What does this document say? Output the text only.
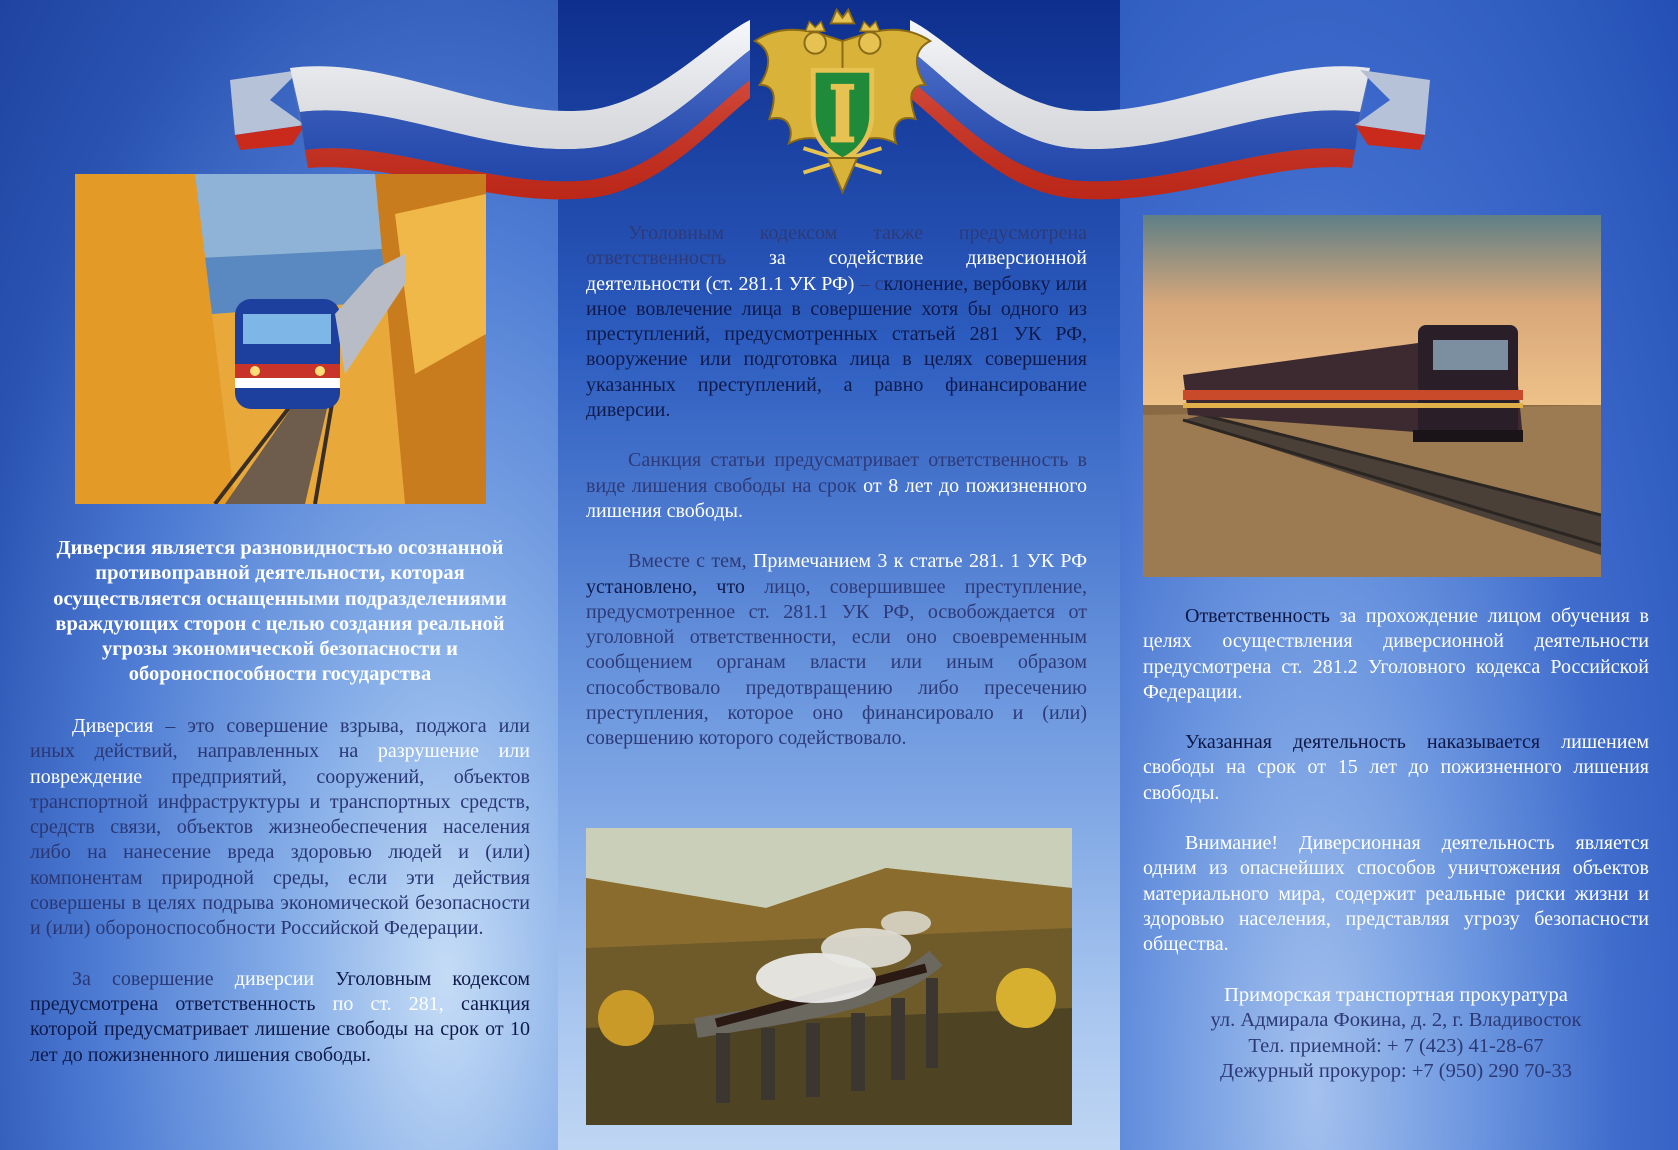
Диверсия является разновидностью осознанной противоправной деятельности, которая осуществляется оснащенными подразделениями враждующих сторон с целью создания реальной угрозы экономической безопасности и обороноспособности государства

Диверсия – это совершение взрыва, поджога или иных действий, направленных на разрушение или повреждение предприятий, сооружений, объектов транспортной инфраструктуры и транспортных средств, средств связи, объектов жизнеобеспечения населения либо на нанесение вреда здоровью людей и (или) компонентам природной среды, если эти действия совершены в целях подрыва экономической безопасности и (или) обороноспособности Российской Федерации.

За совершение диверсии Уголовным кодексом предусмотрена ответственность по ст. 281, санкция которой предусматривает лишение свободы на срок от 10 лет до пожизненного лишения свободы.

Уголовным кодексом также предусмотрена ответственность за содействие диверсионной деятельности (ст. 281.1 УК РФ) – склонение, вербовку или иное вовлечение лица в совершение хотя бы одного из преступлений, предусмотренных статьей 281 УК РФ, вооружение или подготовка лица в целях совершения указанных преступлений, а равно финансирование диверсии.

Санкция статьи предусматривает ответственность в виде лишения свободы на срок от 8 лет до пожизненного лишения свободы.

Вместе с тем, Примечанием 3 к статье 281. 1 УК РФ установлено, что лицо, совершившее преступление, предусмотренное ст. 281.1 УК РФ, освобождается от уголовной ответственности, если оно своевременным сообщением органам власти или иным образом способствовало предотвращению либо пресечению преступления, которое оно финансировало и (или) совершению которого содействовало.

Ответственность за прохождение лицом обучения в целях осуществления диверсионной деятельности предусмотрена ст. 281.2 Уголовного кодекса Российской Федерации.

Указанная деятельность наказывается лишением свободы на срок от 15 лет до пожизненного лишения свободы.

Внимание! Диверсионная деятельность является одним из опаснейших способов уничтожения объектов материального мира, содержит реальные риски жизни и здоровью населения, представляя угрозу безопасности общества.

Приморская транспортная прокуратура
ул. Адмирала Фокина, д. 2, г. Владивосток
Тел. приемной: + 7 (423) 41-28-67
Дежурный прокурор: +7 (950) 290 70-33
